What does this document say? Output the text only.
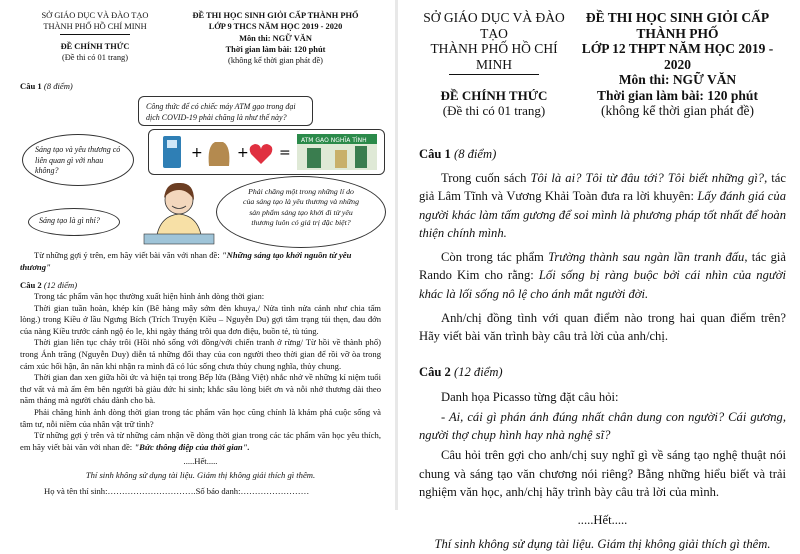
SỞ GIÁO DỤC VÀ ĐÀO TẠO

THÀNH PHỐ HỒ CHÍ MINH

ĐỀ CHÍNH THỨC

(Đề thi có 01 trang)

ĐỀ THI HỌC SINH GIỎI CẤP THÀNH PHỐ

LỚP 9 THCS NĂM HỌC 2019 - 2020

Môn thi: NGỮ VĂN

Thời gian làm bài: 120 phút

(không kể thời gian phát đề)

Câu 1 (8 điểm)

Công thức để có chiếc máy ATM gạo trong đại dịch COVID-19 phải chăng là như thế này?
+ + =
ATM GẠO NGHĨA TÌNH
Sáng tạo và yêu thương có liên quan gì với nhau không?
Phải chăng một trong những lí do của sáng tạo là yêu thương và những sản phẩm sáng tạo khởi đi từ yêu thương luôn có giá trị đặc biệt?
Sáng tạo là gì nhỉ?

Từ những gợi ý trên, em hãy viết bài văn với nhan đề: "Những sáng tạo khởi nguồn từ yêu thương"

Câu 2 (12 điểm)

Trong tác phẩm văn học thường xuất hiện hình ảnh dòng thời gian:

Thời gian tuần hoàn, khép kín (Bê hàng mây sớm đèn khuya,/ Nửa tình nửa cảnh như chia tấm lòng.) trong Kiều ở lầu Ngưng Bích (Trích Truyện Kiều – Nguyễn Du) gợi tâm trạng tủi thẹn, đau đớn của nàng Kiều trước cảnh ngộ éo le, khi ngày tháng trôi qua đơn điệu, buồn tẻ, tù túng.

Thời gian liên tục chảy trôi (Hồi nhỏ sống với đồng/với chiến tranh ở rừng/ Từ hồi về thành phố) trong Ánh trăng (Nguyễn Duy) diễn tả những đổi thay của con người theo thời gian để rồi vỡ òa trong cảm xúc hối hận, ân năn khi nhận ra mình đã có lúc sống chưa thủy chung nghĩa, thủy chung.

Thời gian đan xen giữa hồi ức và hiện tại trong Bếp lửa (Bằng Việt) nhắc nhở về những kỉ niệm tuổi thơ vất vả mà ấm êm bên người bà giàu đức hi sinh; khắc sâu lòng biết ơn và nỗi nhớ thương dài theo năm tháng mà người cháu dành cho bà.

Phải chăng hình ảnh dòng thời gian trong tác phẩm văn học cũng chính là khám phá cuộc sống và tâm tư, nỗi niềm của nhân vật trữ tình?

Từ những gợi ý trên và từ những cảm nhận về dòng thời gian trong các tác phẩm văn học yêu thích, em hãy viết bài văn với nhan đề: "Bức thông điệp của thời gian".

.....Hết.....

Thí sinh không sử dụng tài liệu. Giám thị không giải thích gì thêm.

Họ và tên thí sinh:………………………….Số báo danh:……………………

SỞ GIÁO DỤC VÀ ĐÀO TẠO

THÀNH PHỐ HỒ CHÍ MINH

ĐỀ CHÍNH THỨC

(Đề thi có 01 trang)

ĐỀ THI HỌC SINH GIỎI CẤP THÀNH PHỐ

LỚP 12 THPT NĂM HỌC 2019 - 2020

Môn thi: NGỮ VĂN

Thời gian làm bài: 120 phút

(không kể thời gian phát đề)

Câu 1 (8 điểm)

Trong cuốn sách Tôi là ai? Tôi từ đâu tới? Tôi biết những gì?, tác giả Lâm Tĩnh và Vương Khải Toàn đưa ra lời khuyên: Lấy đánh giá của người khác làm tấm gương để soi mình là phương pháp tốt nhất để hoàn thiện chính mình.

Còn trong tác phẩm Trường thành sau ngàn lần tranh đấu, tác giả Rando Kim cho rằng: Lối sống bị ràng buộc bởi cái nhìn của người khác là lối sống nô lệ cho ánh mắt người đời.

Anh/chị đồng tình với quan điểm nào trong hai quan điểm trên? Hãy viết bài văn trình bày câu trả lời của anh/chị.

Câu 2 (12 điểm)

Danh họa Picasso từng đặt câu hỏi:

- Ai, cái gì phán ánh đúng nhất chân dung con người? Cái gương, người thợ chụp hình hay nhà nghệ sĩ?

Câu hỏi trên gợi cho anh/chị suy nghĩ gì về sáng tạo nghệ thuật nói chung và sáng tạo văn chương nói riêng? Bằng những hiểu biết và trải nghiệm văn học, anh/chị hãy trình bày câu trả lời của mình.

.....Hết.....

Thí sinh không sử dụng tài liệu. Giám thị không giải thích gì thêm.
